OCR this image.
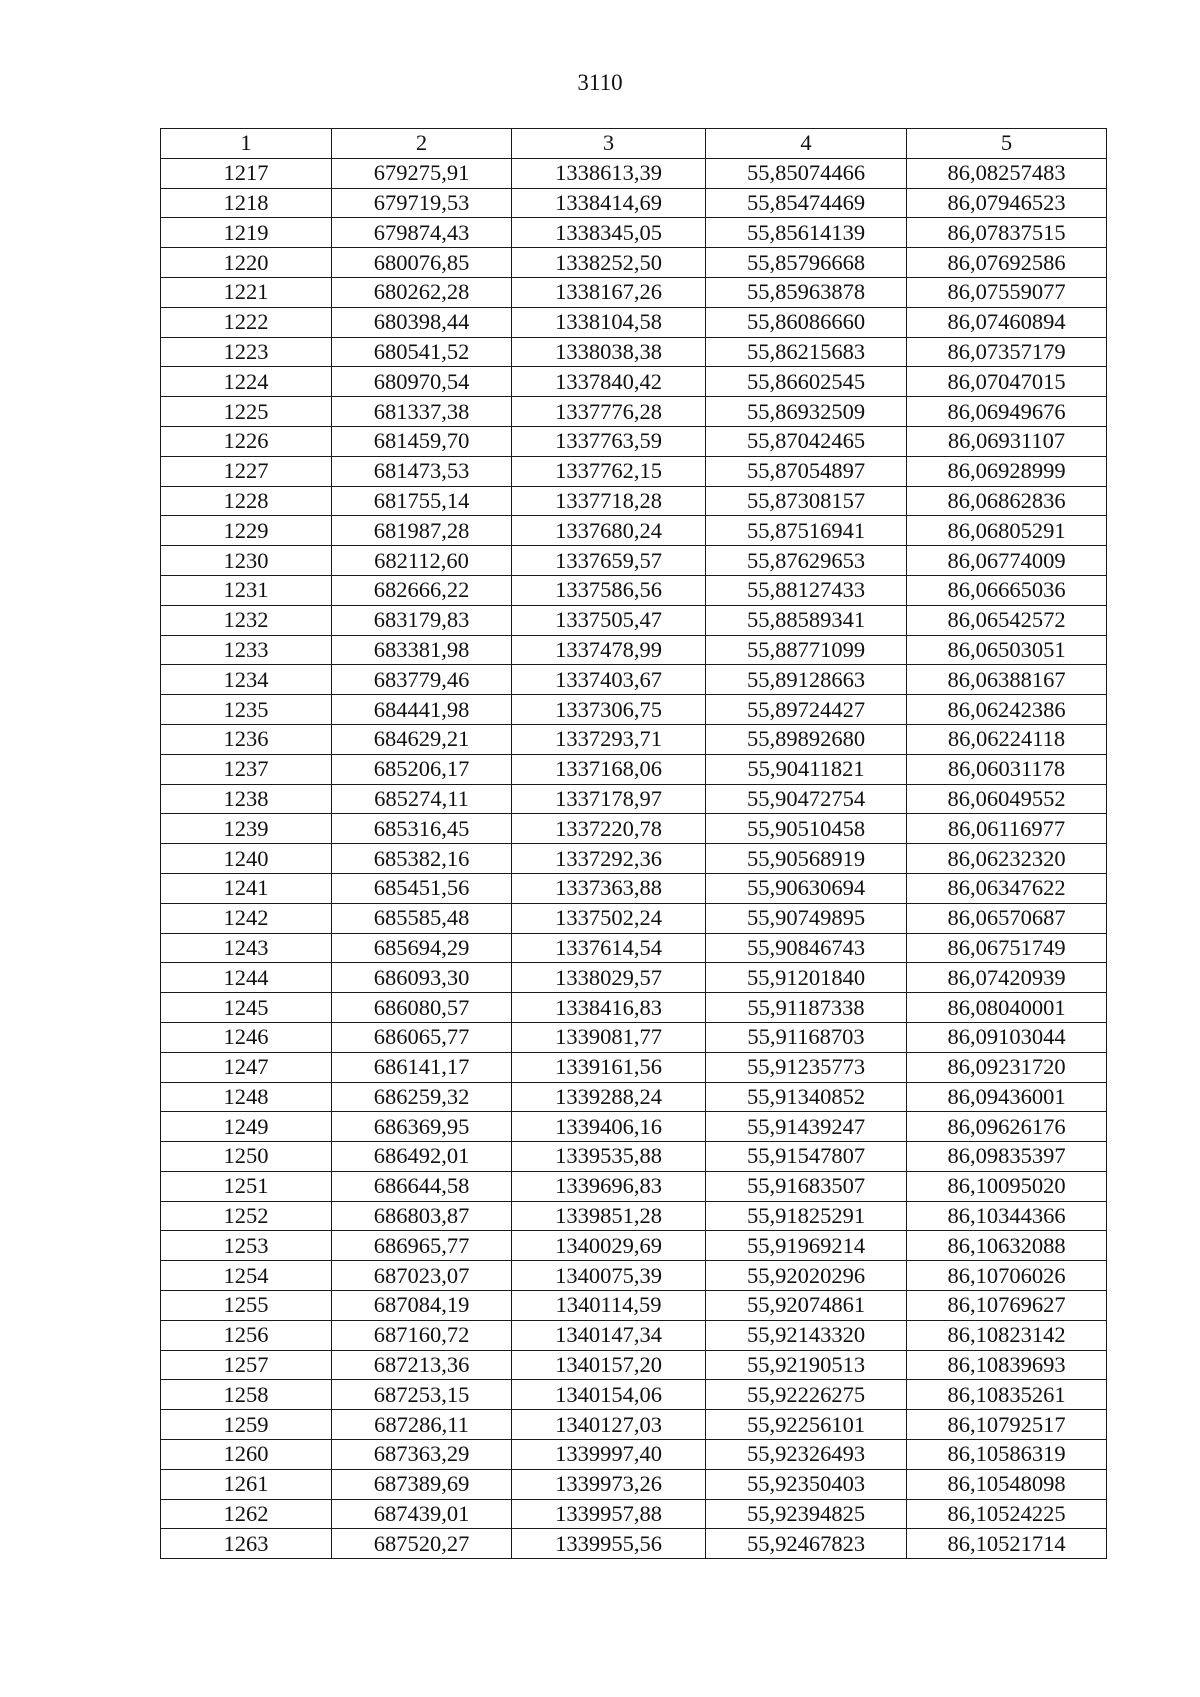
3110
1	2	3	4	5
1217	679275,91	1338613,39	55,85074466	86,08257483
1218	679719,53	1338414,69	55,85474469	86,07946523
1219	679874,43	1338345,05	55,85614139	86,07837515
1220	680076,85	1338252,50	55,85796668	86,07692586
1221	680262,28	1338167,26	55,85963878	86,07559077
1222	680398,44	1338104,58	55,86086660	86,07460894
1223	680541,52	1338038,38	55,86215683	86,07357179
1224	680970,54	1337840,42	55,86602545	86,07047015
1225	681337,38	1337776,28	55,86932509	86,06949676
1226	681459,70	1337763,59	55,87042465	86,06931107
1227	681473,53	1337762,15	55,87054897	86,06928999
1228	681755,14	1337718,28	55,87308157	86,06862836
1229	681987,28	1337680,24	55,87516941	86,06805291
1230	682112,60	1337659,57	55,87629653	86,06774009
1231	682666,22	1337586,56	55,88127433	86,06665036
1232	683179,83	1337505,47	55,88589341	86,06542572
1233	683381,98	1337478,99	55,88771099	86,06503051
1234	683779,46	1337403,67	55,89128663	86,06388167
1235	684441,98	1337306,75	55,89724427	86,06242386
1236	684629,21	1337293,71	55,89892680	86,06224118
1237	685206,17	1337168,06	55,90411821	86,06031178
1238	685274,11	1337178,97	55,90472754	86,06049552
1239	685316,45	1337220,78	55,90510458	86,06116977
1240	685382,16	1337292,36	55,90568919	86,06232320
1241	685451,56	1337363,88	55,90630694	86,06347622
1242	685585,48	1337502,24	55,90749895	86,06570687
1243	685694,29	1337614,54	55,90846743	86,06751749
1244	686093,30	1338029,57	55,91201840	86,07420939
1245	686080,57	1338416,83	55,91187338	86,08040001
1246	686065,77	1339081,77	55,91168703	86,09103044
1247	686141,17	1339161,56	55,91235773	86,09231720
1248	686259,32	1339288,24	55,91340852	86,09436001
1249	686369,95	1339406,16	55,91439247	86,09626176
1250	686492,01	1339535,88	55,91547807	86,09835397
1251	686644,58	1339696,83	55,91683507	86,10095020
1252	686803,87	1339851,28	55,91825291	86,10344366
1253	686965,77	1340029,69	55,91969214	86,10632088
1254	687023,07	1340075,39	55,92020296	86,10706026
1255	687084,19	1340114,59	55,92074861	86,10769627
1256	687160,72	1340147,34	55,92143320	86,10823142
1257	687213,36	1340157,20	55,92190513	86,10839693
1258	687253,15	1340154,06	55,92226275	86,10835261
1259	687286,11	1340127,03	55,92256101	86,10792517
1260	687363,29	1339997,40	55,92326493	86,10586319
1261	687389,69	1339973,26	55,92350403	86,10548098
1262	687439,01	1339957,88	55,92394825	86,10524225
1263	687520,27	1339955,56	55,92467823	86,10521714
